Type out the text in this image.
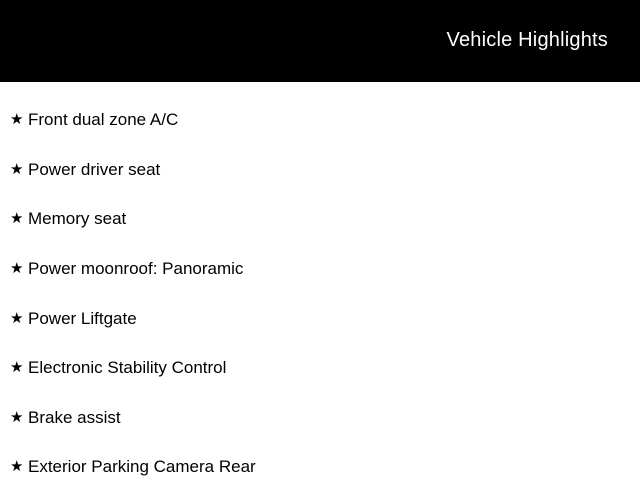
Vehicle Highlights
★ Front dual zone A/C
★ Power driver seat
★ Memory seat
★ Power moonroof: Panoramic
★ Power Liftgate
★ Electronic Stability Control
★ Brake assist
★ Exterior Parking Camera Rear
